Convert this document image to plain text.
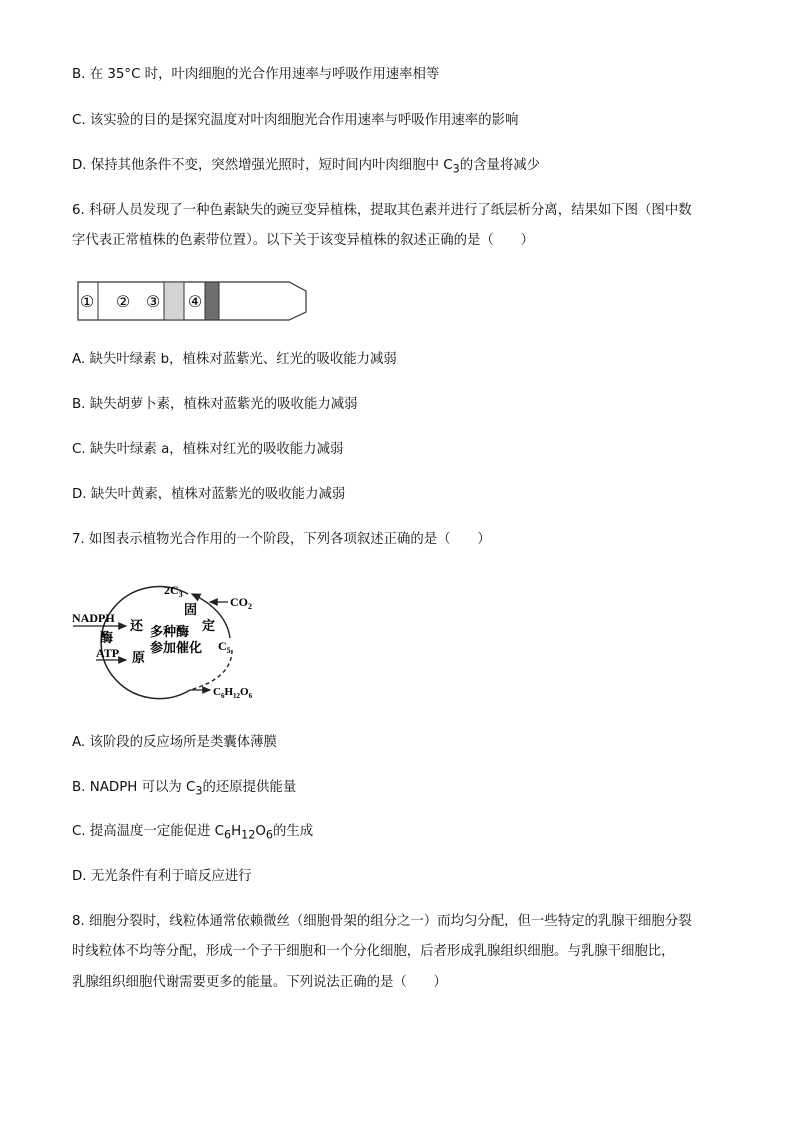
B. 在 35°C 时，叶肉细胞的光合作用速率与呼吸作用速率相等
C. 该实验的目的是探究温度对叶肉细胞光合作用速率与呼吸作用速率的影响
D. 保持其他条件不变，突然增强光照时，短时间内叶肉细胞中 $C_3$的含量将减少
6. 科研人员发现了一种色素缺失的豌豆变异植株，提取其色素并进行了纸层析分离，结果如下图（图中数
字代表正常植株的色素带位置）。以下关于该变异植株的叙述正确的是（　　）
① ② ③ ④
A. 缺失叶绿素 b，植株对蓝紫光、红光的吸收能力减弱
B. 缺失胡萝卜素，植株对蓝紫光的吸收能力减弱
C. 缺失叶绿素 a，植株对红光的吸收能力减弱
D. 缺失叶黄素，植株对蓝紫光的吸收能力减弱
7. 如图表示植物光合作用的一个阶段，下列各项叙述正确的是（　　）
$2C_3$
$CO_2$
固
定
$C_5$
NADPH
酶
ATP
还
原
多种酶
参加催化
$C_6H_{12}O_6$
A. 该阶段的反应场所是类囊体薄膜
B. NADPH 可以为 $C_3$的还原提供能量
C. 提高温度一定能促进 $C_6H_{12}O_6$的生成
D. 无光条件有利于暗反应进行
8. 细胞分裂时，线粒体通常依赖微丝（细胞骨架的组分之一）而均匀分配，但一些特定的乳腺干细胞分裂
时线粒体不均等分配，形成一个子干细胞和一个分化细胞，后者形成乳腺组织细胞。与乳腺干细胞比，
乳腺组织细胞代谢需要更多的能量。下列说法正确的是（　　）
